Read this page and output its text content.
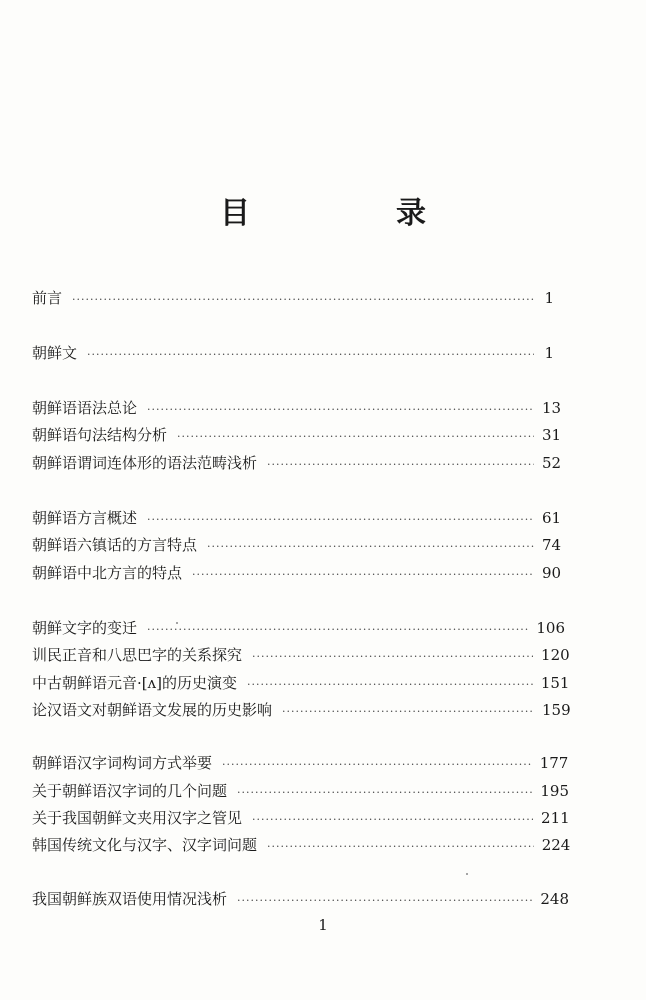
目　录
前言 ·····	1
朝鲜文 ·····	1
朝鲜语语法总论 ·····	13
朝鲜语句法结构分析 ·····	31
朝鲜语谓词连体形的语法范畴浅析 ·····	52
朝鲜语方言概述 ·····	61
朝鲜语六镇话的方言特点 ·····	74
朝鲜语中北方言的特点 ·····	90
朝鲜文字的变迁 ·····	106
训民正音和八思巴字的关系探究 ·····	120
中古朝鲜语元音·[ʌ]的历史演变 ·····	151
论汉语文对朝鲜语文发展的历史影响 ·····	159
朝鲜语汉字词构词方式举要 ·····	177
关于朝鲜语汉字词的几个问题 ·····	195
关于我国朝鲜文夹用汉字之管见 ·····	211
韩国传统文化与汉字、汉字词问题 ·····	224
我国朝鲜族双语使用情况浅析 ·····	248
1
